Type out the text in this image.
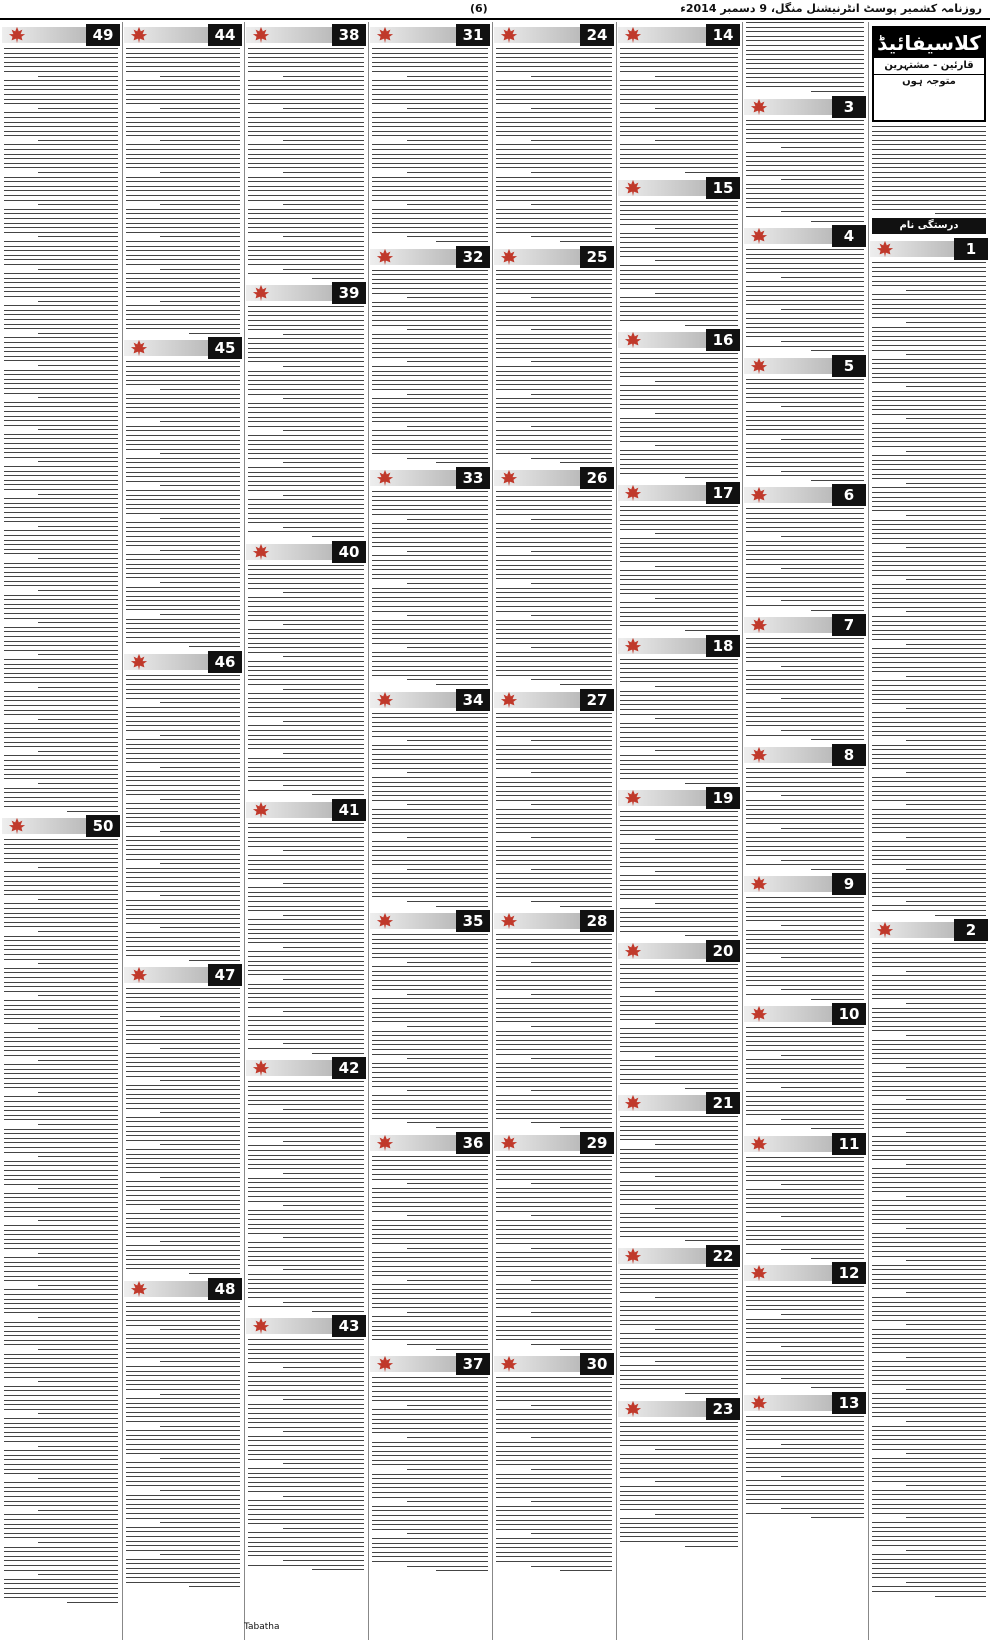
(6)	روزنامہ کشمیر پوسٹ انٹرنیشنل منگل، 9 دسمبر 2014ء
کلاسیفائیڈ
قارئین - مشتہرین متوجہ ہوں
درستگی نام
1
2
3
4
5
6
7
8
9
10
11
12
13
14
15
16
17
18
19
20
21
22
23
24
25
26
27
28
29
30
31
32
33
34
35
36
37
38
39
40
41
42
43
44
45
46
47
48
49
50
Tabatha
